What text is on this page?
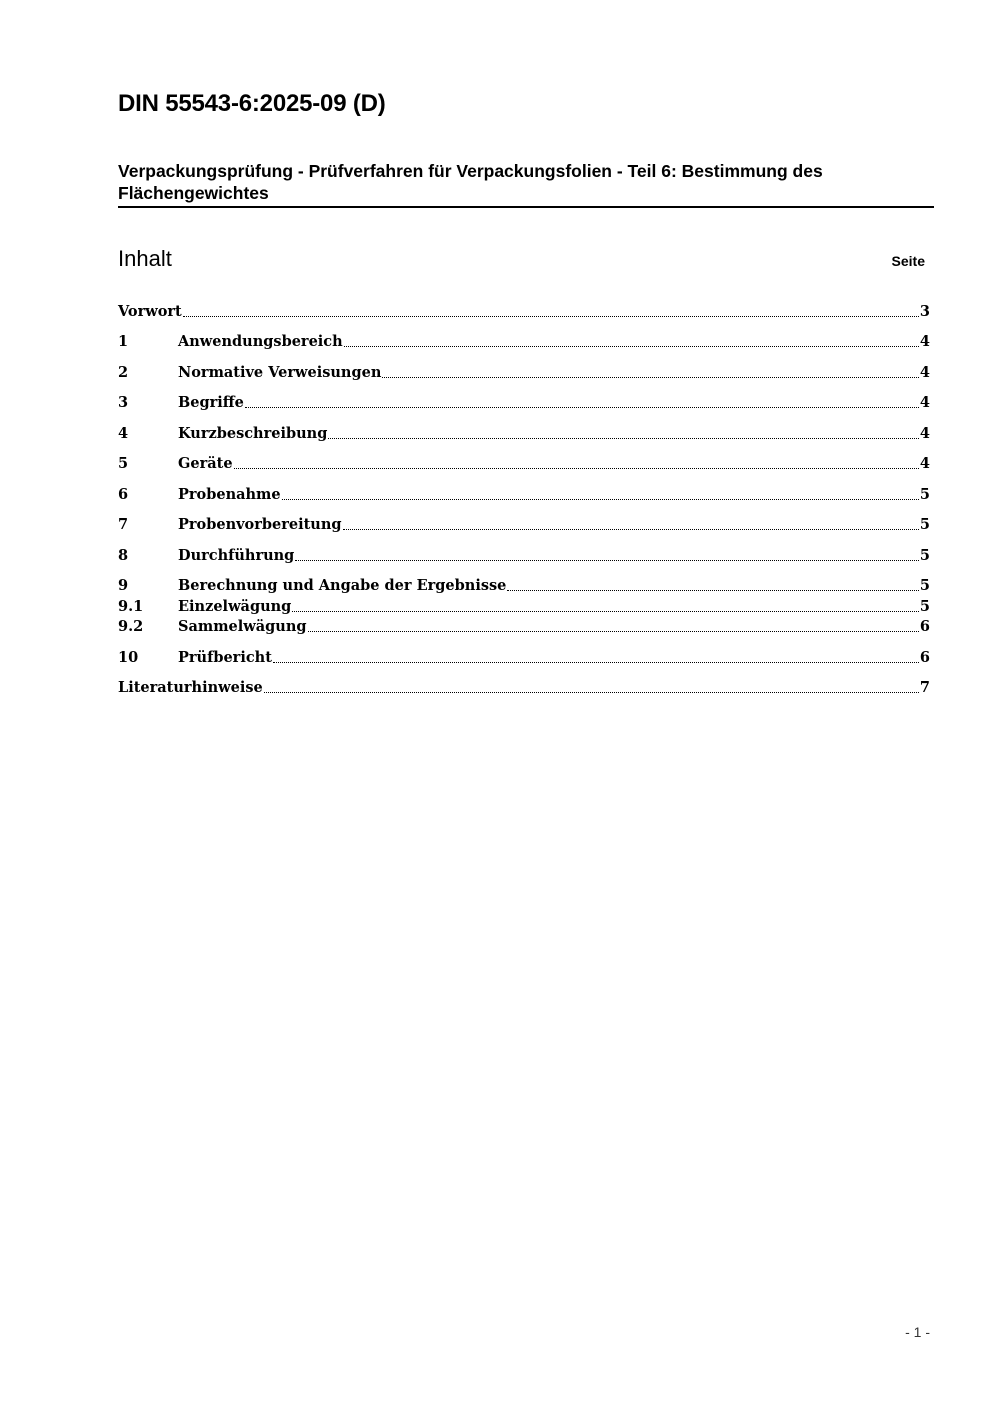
DIN 55543-6:2025-09 (D)
Verpackungsprüfung - Prüfverfahren für Verpackungsfolien - Teil 6: Bestimmung des Flächengewichtes
Inhalt	Seite
Vorwort	3
1	Anwendungsbereich	4
2	Normative Verweisungen	4
3	Begriffe	4
4	Kurzbeschreibung	4
5	Geräte	4
6	Probenahme	5
7	Probenvorbereitung	5
8	Durchführung	5
9	Berechnung und Angabe der Ergebnisse	5
9.1	Einzelwägung	5
9.2	Sammelwägung	6
10	Prüfbericht	6
Literaturhinweise	7
- 1 -
